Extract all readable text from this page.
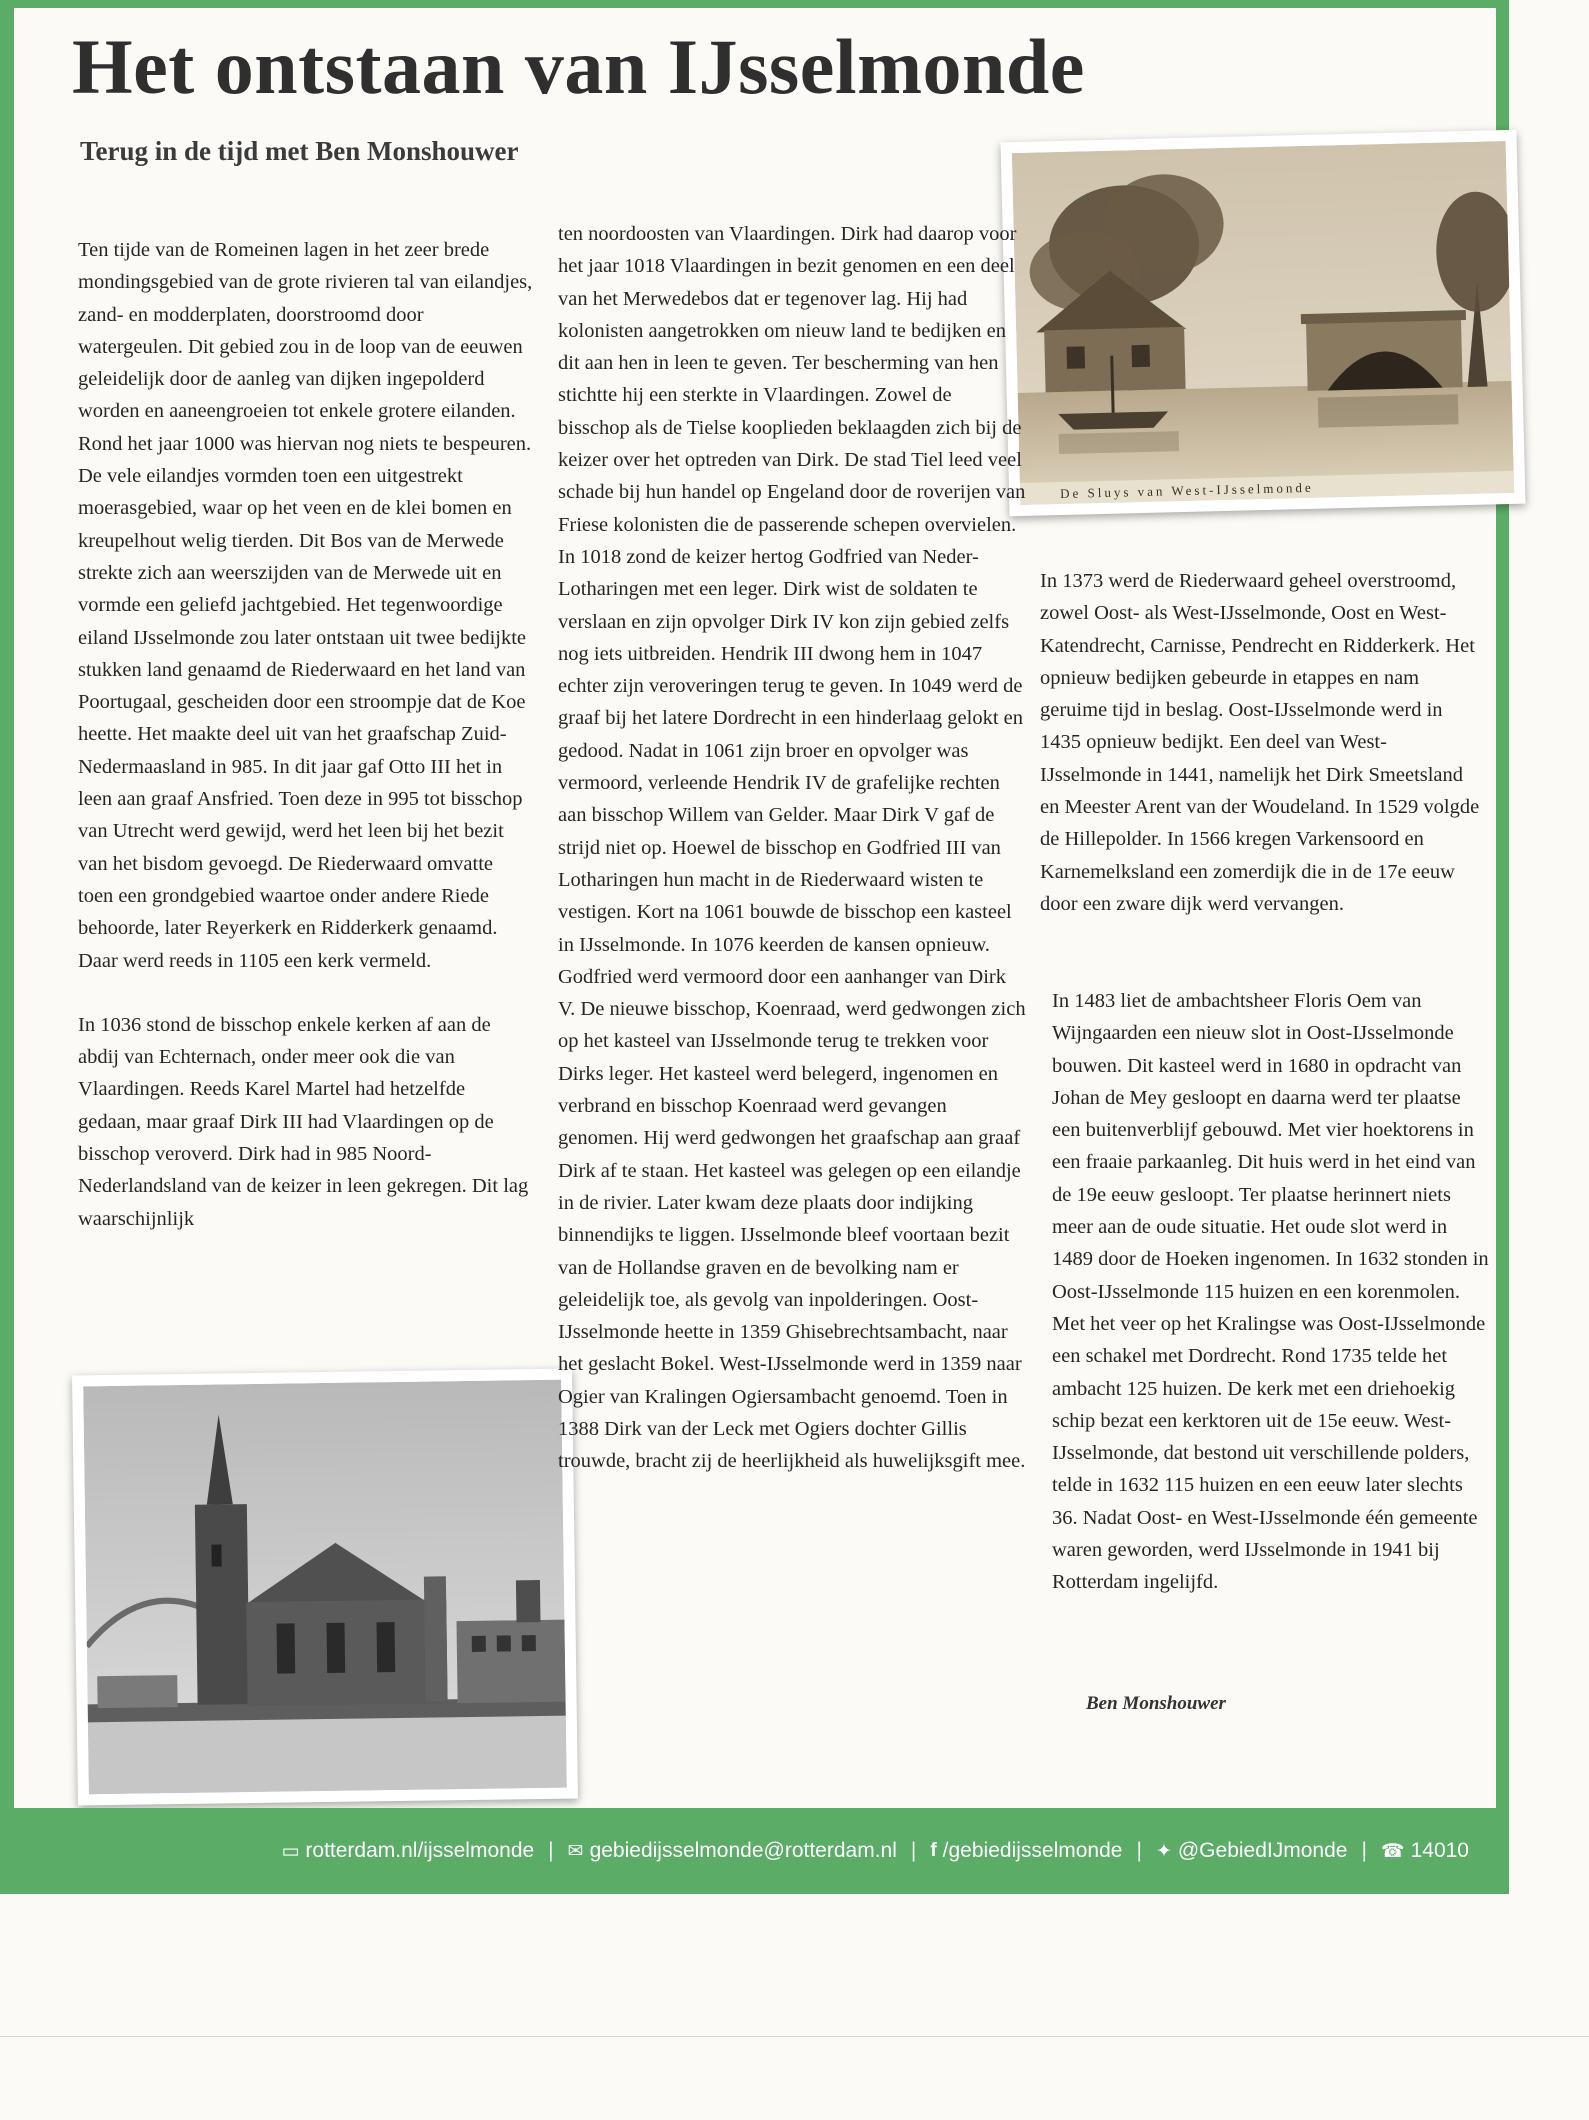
Het ontstaan van IJsselmonde
Terug in de tijd met Ben Monshouwer
De Sluys van West-IJsselmonde

Ten tijde van de Romeinen lagen in het zeer brede mondingsgebied van de grote rivieren tal van eilandjes, zand- en modderplaten, doorstroomd door watergeulen. Dit gebied zou in de loop van de eeuwen geleidelijk door de aanleg van dijken ingepolderd worden en aaneengroeien tot enkele grotere eilanden. Rond het jaar 1000 was hiervan nog niets te bespeuren. De vele eilandjes vormden toen een uitgestrekt moerasgebied, waar op het veen en de klei bomen en kreupelhout welig tierden. Dit Bos van de Merwede strekte zich aan weerszijden van de Merwede uit en vormde een geliefd jachtgebied. Het tegenwoordige eiland IJsselmonde zou later ontstaan uit twee bedijkte stukken land genaamd de Riederwaard en het land van Poortugaal, gescheiden door een stroompje dat de Koe heette. Het maakte deel uit van het graafschap Zuid-Nedermaasland in 985. In dit jaar gaf Otto III het in leen aan graaf Ansfried. Toen deze in 995 tot bisschop van Utrecht werd gewijd, werd het leen bij het bezit van het bisdom gevoegd. De Riederwaard omvatte toen een grondgebied waartoe onder andere Riede behoorde, later Reyerkerk en Ridderkerk genaamd. Daar werd reeds in 1105 een kerk vermeld.

In 1036 stond de bisschop enkele kerken af aan de abdij van Echternach, onder meer ook die van Vlaardingen. Reeds Karel Martel had hetzelfde gedaan, maar graaf Dirk III had Vlaardingen op de bisschop veroverd. Dirk had in 985 Noord-Nederlandsland van de keizer in leen gekregen. Dit lag waarschijnlijk

ten noordoosten van Vlaardingen. Dirk had daarop voor het jaar 1018 Vlaardingen in bezit genomen en een deel van het Merwedebos dat er tegenover lag. Hij had kolonisten aangetrokken om nieuw land te bedijken en dit aan hen in leen te geven. Ter bescherming van hen stichtte hij een sterkte in Vlaardingen. Zowel de bisschop als de Tielse kooplieden beklaagden zich bij de keizer over het optreden van Dirk. De stad Tiel leed veel schade bij hun handel op Engeland door de roverijen van Friese kolonisten die de passerende schepen overvielen. In 1018 zond de keizer hertog Godfried van Neder-Lotharingen met een leger. Dirk wist de soldaten te verslaan en zijn opvolger Dirk IV kon zijn gebied zelfs nog iets uitbreiden. Hendrik III dwong hem in 1047 echter zijn veroveringen terug te geven. In 1049 werd de graaf bij het latere Dordrecht in een hinderlaag gelokt en gedood. Nadat in 1061 zijn broer en opvolger was vermoord, verleende Hendrik IV de grafelijke rechten aan bisschop Willem van Gelder. Maar Dirk V gaf de strijd niet op. Hoewel de bisschop en Godfried III van Lotharingen hun macht in de Riederwaard wisten te vestigen. Kort na 1061 bouwde de bisschop een kasteel in IJsselmonde. In 1076 keerden de kansen opnieuw. Godfried werd vermoord door een aanhanger van Dirk V. De nieuwe bisschop, Koenraad, werd gedwongen zich op het kasteel van IJsselmonde terug te trekken voor Dirks leger. Het kasteel werd belegerd, ingenomen en verbrand en bisschop Koenraad werd gevangen genomen. Hij werd gedwongen het graafschap aan graaf Dirk af te staan. Het kasteel was gelegen op een eilandje in de rivier. Later kwam deze plaats door indijking binnendijks te liggen. IJsselmonde bleef voortaan bezit van de Hollandse graven en de bevolking nam er geleidelijk toe, als gevolg van inpolderingen. Oost-IJsselmonde heette in 1359 Ghisebrechtsambacht, naar het geslacht Bokel. West-IJsselmonde werd in 1359 naar Ogier van Kralingen Ogiersambacht genoemd. Toen in 1388 Dirk van der Leck met Ogiers dochter Gillis trouwde, bracht zij de heerlijkheid als huwelijksgift mee.

In 1373 werd de Riederwaard geheel overstroomd, zowel Oost- als West-IJsselmonde, Oost en West-Katendrecht, Carnisse, Pendrecht en Ridderkerk. Het opnieuw bedijken gebeurde in etappes en nam geruime tijd in beslag. Oost-IJsselmonde werd in 1435 opnieuw bedijkt. Een deel van West-IJsselmonde in 1441, namelijk het Dirk Smeetsland en Meester Arent van der Woudeland. In 1529 volgde de Hillepolder. In 1566 kregen Varkensoord en Karnemelksland een zomerdijk die in de 17e eeuw door een zware dijk werd vervangen.

In 1483 liet de ambachtsheer Floris Oem van Wijngaarden een nieuw slot in Oost-IJsselmonde bouwen. Dit kasteel werd in 1680 in opdracht van Johan de Mey gesloopt en daarna werd ter plaatse een buitenverblijf gebouwd. Met vier hoektorens in een fraaie parkaanleg. Dit huis werd in het eind van de 19e eeuw gesloopt. Ter plaatse herinnert niets meer aan de oude situatie. Het oude slot werd in 1489 door de Hoeken ingenomen. In 1632 stonden in Oost-IJsselmonde 115 huizen en een korenmolen. Met het veer op het Kralingse was Oost-IJsselmonde een schakel met Dordrecht. Rond 1735 telde het ambacht 125 huizen. De kerk met een driehoekig schip bezat een kerktoren uit de 15e eeuw. West-IJsselmonde, dat bestond uit verschillende polders, telde in 1632 115 huizen en een eeuw later slechts 36. Nadat Oost- en West-IJsselmonde één gemeente waren geworden, werd IJsselmonde in 1941 bij Rotterdam ingelijfd.

Ben Monshouwer
▭ rotterdam.nl/ijsselmonde | ✉ gebiedijsselmonde@rotterdam.nl | f /gebiedijsselmonde | ✦ @GebiedIJmonde | ☎ 14010
